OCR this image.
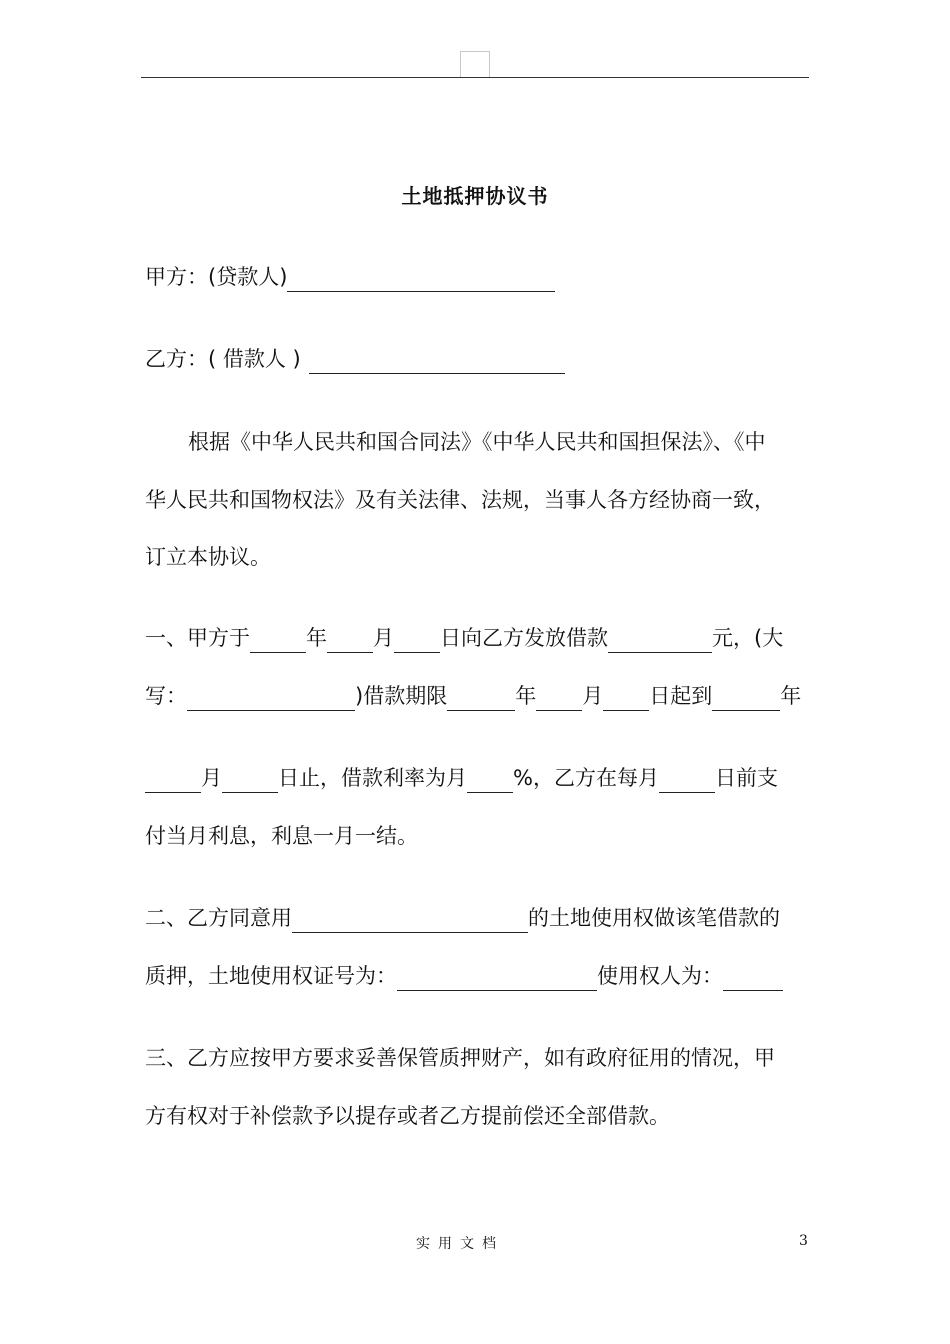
土地抵押协议书
甲方：(贷款人)
乙方：( 借款人 )
根据《中华人民共和国合同法》《中华人民共和国担保法》、《中
华人民共和国物权法》及有关法律、法规，当事人各方经协商一致，
订立本协议。
一、甲方于	年 月 日向乙方发放借款	元，(大
写：	)借款期限	年 月 日起到	年
月	日止，借款利率为月 %，乙方在每月	日前支
付当月利息，利息一月一结。
二、乙方同意用	的土地使用权做该笔借款的
质押，土地使用权证号为：	使用权人为：
三、乙方应按甲方要求妥善保管质押财产，如有政府征用的情况，甲
方有权对于补偿款予以提存或者乙方提前偿还全部借款。
实用文档	3
